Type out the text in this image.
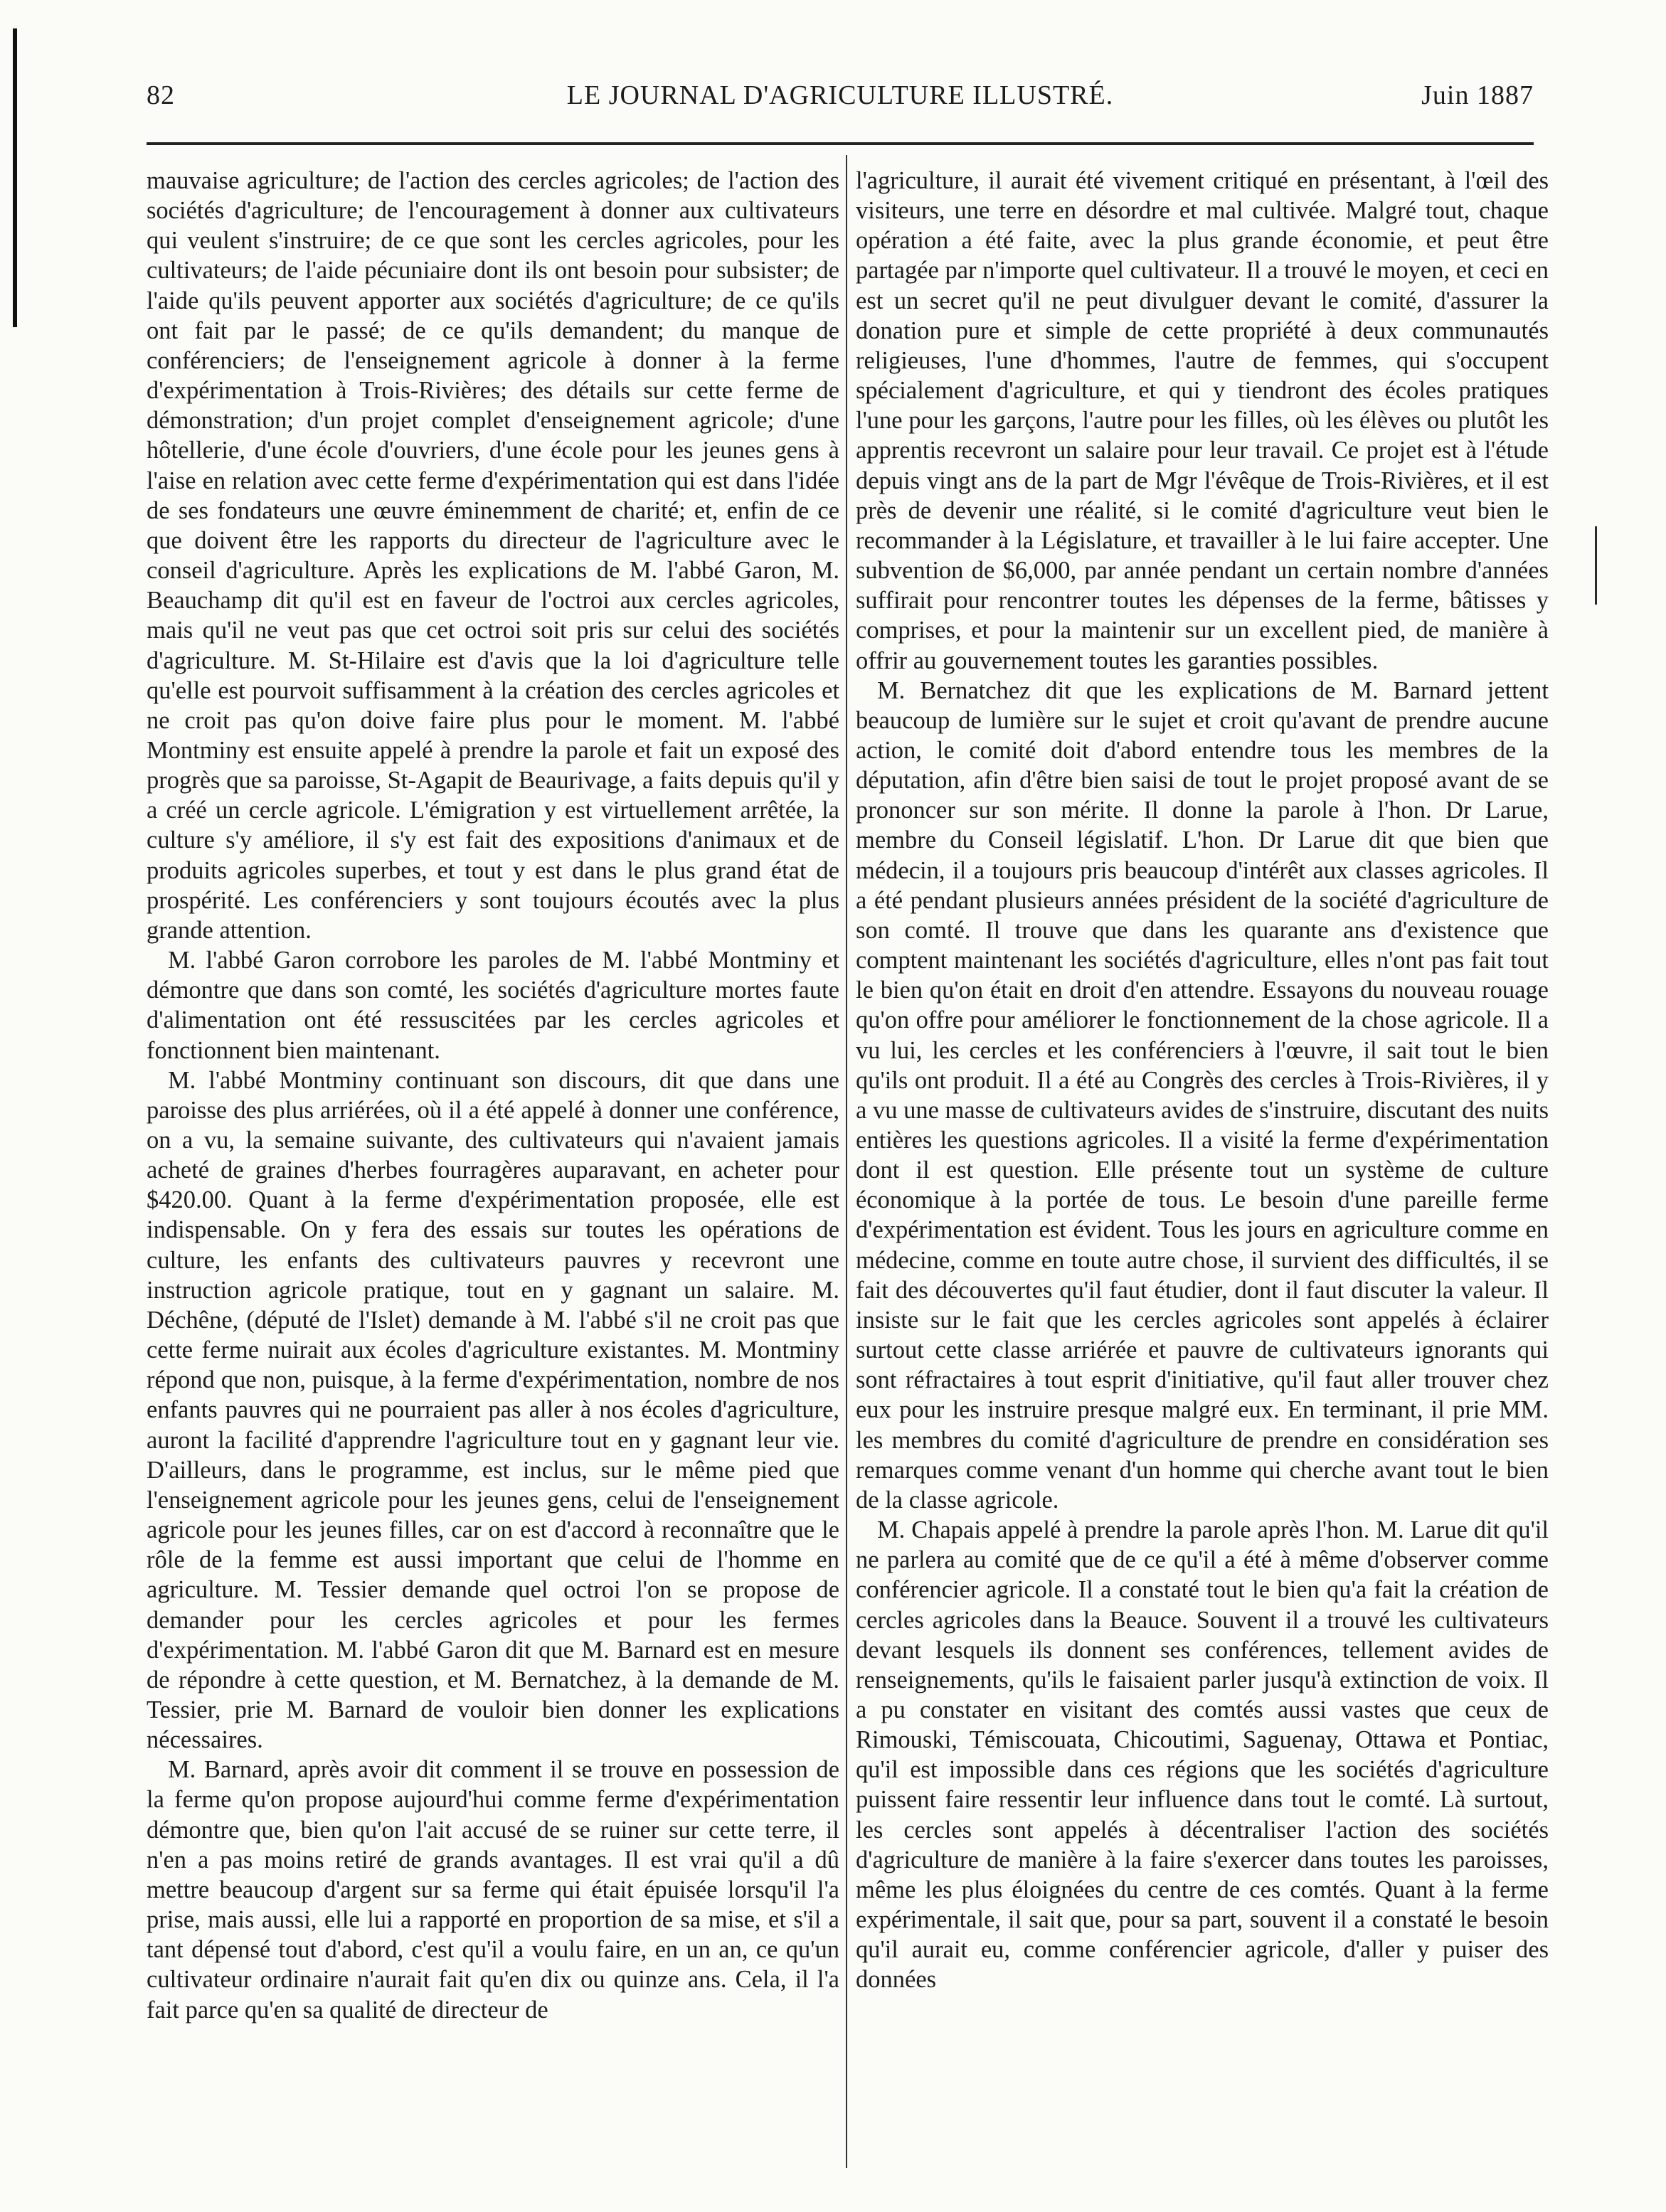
82	LE JOURNAL D'AGRICULTURE ILLUSTRÉ.	Juin 1887

mauvaise agriculture; de l'action des cercles agricoles; de l'action des sociétés d'agriculture; de l'encouragement à donner aux cultivateurs qui veulent s'instruire; de ce que sont les cercles agricoles, pour les cultivateurs; de l'aide pécuniaire dont ils ont besoin pour subsister; de l'aide qu'ils peuvent apporter aux sociétés d'agriculture; de ce qu'ils ont fait par le passé; de ce qu'ils demandent; du manque de conférenciers; de l'enseignement agricole à donner à la ferme d'expérimentation à Trois-Rivières; des détails sur cette ferme de démonstration; d'un projet complet d'enseignement agricole; d'une hôtellerie, d'une école d'ouvriers, d'une école pour les jeunes gens à l'aise en relation avec cette ferme d'expérimentation qui est dans l'idée de ses fondateurs une œuvre éminemment de charité; et, enfin de ce que doivent être les rapports du directeur de l'agriculture avec le conseil d'agriculture. Après les explications de M. l'abbé Garon, M. Beauchamp dit qu'il est en faveur de l'octroi aux cercles agricoles, mais qu'il ne veut pas que cet octroi soit pris sur celui des sociétés d'agriculture. M. St-Hilaire est d'avis que la loi d'agriculture telle qu'elle est pourvoit suffisamment à la création des cercles agricoles et ne croit pas qu'on doive faire plus pour le moment. M. l'abbé Montminy est ensuite appelé à prendre la parole et fait un exposé des progrès que sa paroisse, St-Agapit de Beaurivage, a faits depuis qu'il y a créé un cercle agricole. L'émigration y est virtuellement arrêtée, la culture s'y améliore, il s'y est fait des expositions d'animaux et de produits agricoles superbes, et tout y est dans le plus grand état de prospérité. Les conférenciers y sont toujours écoutés avec la plus grande attention.

M. l'abbé Garon corrobore les paroles de M. l'abbé Montminy et démontre que dans son comté, les sociétés d'agriculture mortes faute d'alimentation ont été ressuscitées par les cercles agricoles et fonctionnent bien maintenant.

M. l'abbé Montminy continuant son discours, dit que dans une paroisse des plus arriérées, où il a été appelé à donner une conférence, on a vu, la semaine suivante, des cultivateurs qui n'avaient jamais acheté de graines d'herbes fourragères auparavant, en acheter pour $420.00. Quant à la ferme d'expérimentation proposée, elle est indispensable. On y fera des essais sur toutes les opérations de culture, les enfants des cultivateurs pauvres y recevront une instruction agricole pratique, tout en y gagnant un salaire. M. Déchêne, (député de l'Islet) demande à M. l'abbé s'il ne croit pas que cette ferme nuirait aux écoles d'agriculture existantes. M. Montminy répond que non, puisque, à la ferme d'expérimentation, nombre de nos enfants pauvres qui ne pourraient pas aller à nos écoles d'agriculture, auront la facilité d'apprendre l'agriculture tout en y gagnant leur vie. D'ailleurs, dans le programme, est inclus, sur le même pied que l'enseignement agricole pour les jeunes gens, celui de l'enseignement agricole pour les jeunes filles, car on est d'accord à reconnaître que le rôle de la femme est aussi important que celui de l'homme en agriculture. M. Tessier demande quel octroi l'on se propose de demander pour les cercles agricoles et pour les fermes d'expérimentation. M. l'abbé Garon dit que M. Barnard est en mesure de répondre à cette question, et M. Bernatchez, à la demande de M. Tessier, prie M. Barnard de vouloir bien donner les explications nécessaires.

M. Barnard, après avoir dit comment il se trouve en possession de la ferme qu'on propose aujourd'hui comme ferme d'expérimentation démontre que, bien qu'on l'ait accusé de se ruiner sur cette terre, il n'en a pas moins retiré de grands avantages. Il est vrai qu'il a dû mettre beaucoup d'argent sur sa ferme qui était épuisée lorsqu'il l'a prise, mais aussi, elle lui a rapporté en proportion de sa mise, et s'il a tant dépensé tout d'abord, c'est qu'il a voulu faire, en un an, ce qu'un cultivateur ordinaire n'aurait fait qu'en dix ou quinze ans. Cela, il l'a fait parce qu'en sa qualité de directeur de

l'agriculture, il aurait été vivement critiqué en présentant, à l'œil des visiteurs, une terre en désordre et mal cultivée. Malgré tout, chaque opération a été faite, avec la plus grande économie, et peut être partagée par n'importe quel cultivateur. Il a trouvé le moyen, et ceci en est un secret qu'il ne peut divulguer devant le comité, d'assurer la donation pure et simple de cette propriété à deux communautés religieuses, l'une d'hommes, l'autre de femmes, qui s'occupent spécialement d'agriculture, et qui y tiendront des écoles pratiques l'une pour les garçons, l'autre pour les filles, où les élèves ou plutôt les apprentis recevront un salaire pour leur travail. Ce projet est à l'étude depuis vingt ans de la part de Mgr l'évêque de Trois-Rivières, et il est près de devenir une réalité, si le comité d'agriculture veut bien le recommander à la Législature, et travailler à le lui faire accepter. Une subvention de $6,000, par année pendant un certain nombre d'années suffirait pour rencontrer toutes les dépenses de la ferme, bâtisses y comprises, et pour la maintenir sur un excellent pied, de manière à offrir au gouvernement toutes les garanties possibles.

M. Bernatchez dit que les explications de M. Barnard jettent beaucoup de lumière sur le sujet et croit qu'avant de prendre aucune action, le comité doit d'abord entendre tous les membres de la députation, afin d'être bien saisi de tout le projet proposé avant de se prononcer sur son mérite. Il donne la parole à l'hon. Dr Larue, membre du Conseil législatif. L'hon. Dr Larue dit que bien que médecin, il a toujours pris beaucoup d'intérêt aux classes agricoles. Il a été pendant plusieurs années président de la société d'agriculture de son comté. Il trouve que dans les quarante ans d'existence que comptent maintenant les sociétés d'agriculture, elles n'ont pas fait tout le bien qu'on était en droit d'en attendre. Essayons du nouveau rouage qu'on offre pour améliorer le fonctionnement de la chose agricole. Il a vu lui, les cercles et les conférenciers à l'œuvre, il sait tout le bien qu'ils ont produit. Il a été au Congrès des cercles à Trois-Rivières, il y a vu une masse de cultivateurs avides de s'instruire, discutant des nuits entières les questions agricoles. Il a visité la ferme d'expérimentation dont il est question. Elle présente tout un système de culture économique à la portée de tous. Le besoin d'une pareille ferme d'expérimentation est évident. Tous les jours en agriculture comme en médecine, comme en toute autre chose, il survient des difficultés, il se fait des découvertes qu'il faut étudier, dont il faut discuter la valeur. Il insiste sur le fait que les cercles agricoles sont appelés à éclairer surtout cette classe arriérée et pauvre de cultivateurs ignorants qui sont réfractaires à tout esprit d'initiative, qu'il faut aller trouver chez eux pour les instruire presque malgré eux. En terminant, il prie MM. les membres du comité d'agriculture de prendre en considération ses remarques comme venant d'un homme qui cherche avant tout le bien de la classe agricole.

M. Chapais appelé à prendre la parole après l'hon. M. Larue dit qu'il ne parlera au comité que de ce qu'il a été à même d'observer comme conférencier agricole. Il a constaté tout le bien qu'a fait la création de cercles agricoles dans la Beauce. Souvent il a trouvé les cultivateurs devant lesquels ils donnent ses conférences, tellement avides de renseignements, qu'ils le faisaient parler jusqu'à extinction de voix. Il a pu constater en visitant des comtés aussi vastes que ceux de Rimouski, Témiscouata, Chicoutimi, Saguenay, Ottawa et Pontiac, qu'il est impossible dans ces régions que les sociétés d'agriculture puissent faire ressentir leur influence dans tout le comté. Là surtout, les cercles sont appelés à décentraliser l'action des sociétés d'agriculture de manière à la faire s'exercer dans toutes les paroisses, même les plus éloignées du centre de ces comtés. Quant à la ferme expérimentale, il sait que, pour sa part, souvent il a constaté le besoin qu'il aurait eu, comme conférencier agricole, d'aller y puiser des données
